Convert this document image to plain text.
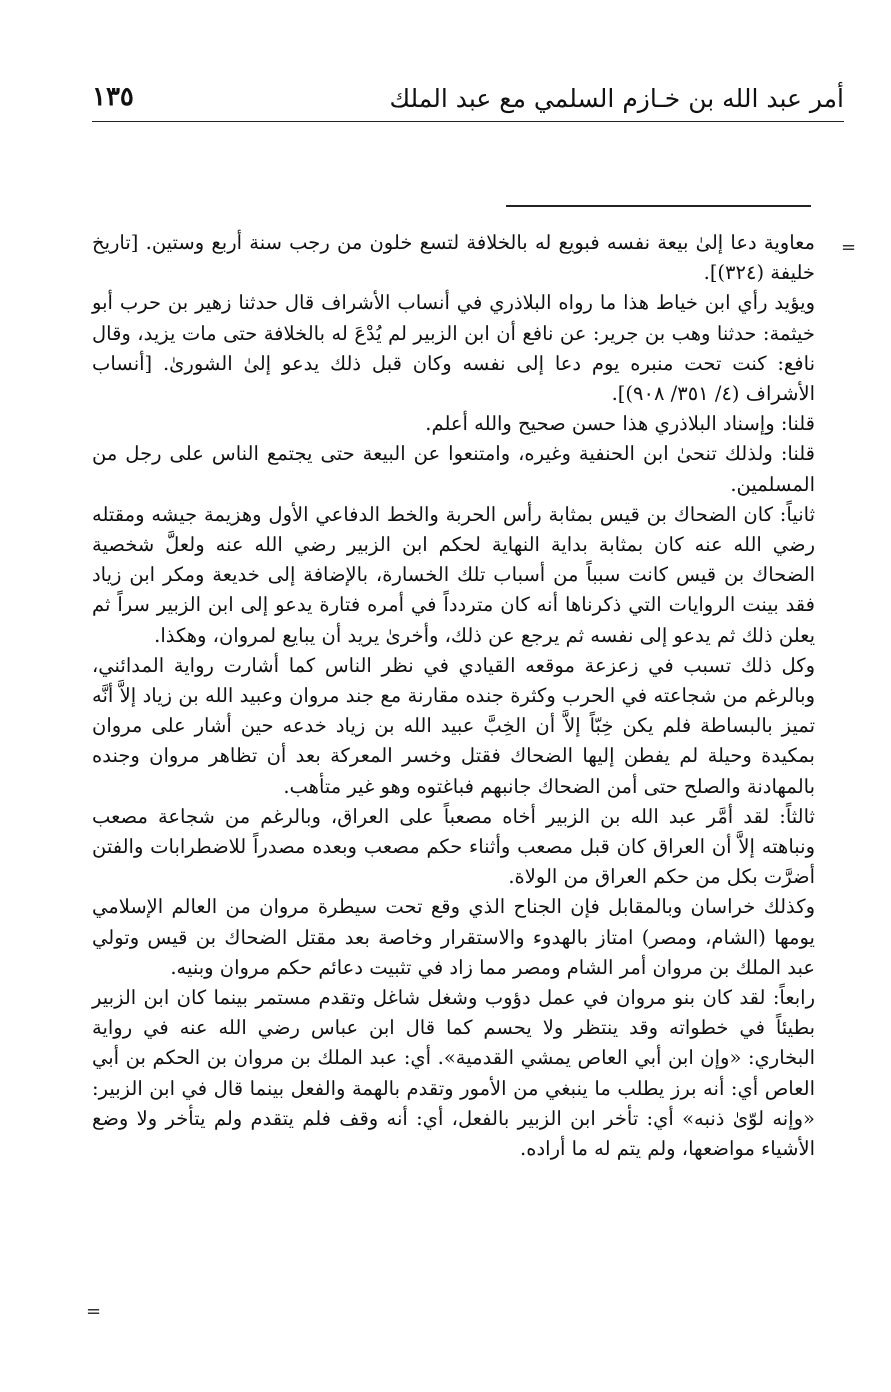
أمر عبد الله بن خـازم السلمي مع عبد الملك
١٣٥
=

معاوية دعا إلىٰ بيعة نفسه فبويع له بالخلافة لتسع خلون من رجب سنة أربع وستين. [تاريخ خليفة (٣٢٤)].

ويؤيد رأي ابن خياط هذا ما رواه البلاذري في أنساب الأشراف قال حدثنا زهير بن حرب أبو خيثمة: حدثنا وهب بن جرير: عن نافع أن ابن الزبير لم يُدْعَ له بالخلافة حتى مات يزيد، وقال نافع: كنت تحت منبره يوم دعا إلى نفسه وكان قبل ذلك يدعو إلىٰ الشورىٰ. [أنساب الأشراف (٤/ ٣٥١/ ٩٠٨)].

قلنا: وإسناد البلاذري هذا حسن صحيح والله أعلم.

قلنا: ولذلك تنحىٰ ابن الحنفية وغيره، وامتنعوا عن البيعة حتى يجتمع الناس على رجل من المسلمين.

ثانياً: كان الضحاك بن قيس بمثابة رأس الحربة والخط الدفاعي الأول وهزيمة جيشه ومقتله رضي الله عنه كان بمثابة بداية النهاية لحكم ابن الزبير رضي الله عنه ولعلَّ شخصية الضحاك بن قيس كانت سبباً من أسباب تلك الخسارة، بالإضافة إلى خديعة ومكر ابن زياد فقد بينت الروايات التي ذكرناها أنه كان متردداً في أمره فتارة يدعو إلى ابن الزبير سراً ثم يعلن ذلك ثم يدعو إلى نفسه ثم يرجع عن ذلك، وأخرىٰ يريد أن يبايع لمروان، وهكذا.

وكل ذلك تسبب في زعزعة موقعه القيادي في نظر الناس كما أشارت رواية المدائني، وبالرغم من شجاعته في الحرب وكثرة جنده مقارنة مع جند مروان وعبيد الله بن زياد إلاَّ أنَّه تميز بالبساطة فلم يكن خِبّاً إلاَّ أن الخِبَّ عبيد الله بن زياد خدعه حين أشار على مروان بمكيدة وحيلة لم يفطن إليها الضحاك فقتل وخسر المعركة بعد أن تظاهر مروان وجنده بالمهادنة والصلح حتى أمن الضحاك جانبهم فباغتوه وهو غير متأهب.

ثالثاً: لقد أمَّر عبد الله بن الزبير أخاه مصعباً على العراق، وبالرغم من شجاعة مصعب ونباهته إلاَّ أن العراق كان قبل مصعب وأثناء حكم مصعب وبعده مصدراً للاضطرابات والفتن أضرَّت بكل من حكم العراق من الولاة.

وكذلك خراسان وبالمقابل فإن الجناح الذي وقع تحت سيطرة مروان من العالم الإسلامي يومها (الشام، ومصر) امتاز بالهدوء والاستقرار وخاصة بعد مقتل الضحاك بن قيس وتولي عبد الملك بن مروان أمر الشام ومصر مما زاد في تثبيت دعائم حكم مروان وبنيه.

رابعاً: لقد كان بنو مروان في عمل دؤوب وشغل شاغل وتقدم مستمر بينما كان ابن الزبير بطيئاً في خطواته وقد ينتظر ولا يحسم كما قال ابن عباس رضي الله عنه في رواية البخاري: «وإن ابن أبي العاص يمشي القدمية». أي: عبد الملك بن مروان بن الحكم بن أبي العاص أي: أنه برز يطلب ما ينبغي من الأمور وتقدم بالهمة والفعل بينما قال في ابن الزبير: «وإنه لوّىٰ ذنبه» أي: تأخر ابن الزبير بالفعل، أي: أنه وقف فلم يتقدم ولم يتأخر ولا وضع الأشياء مواضعها، ولم يتم له ما أراده.

=
